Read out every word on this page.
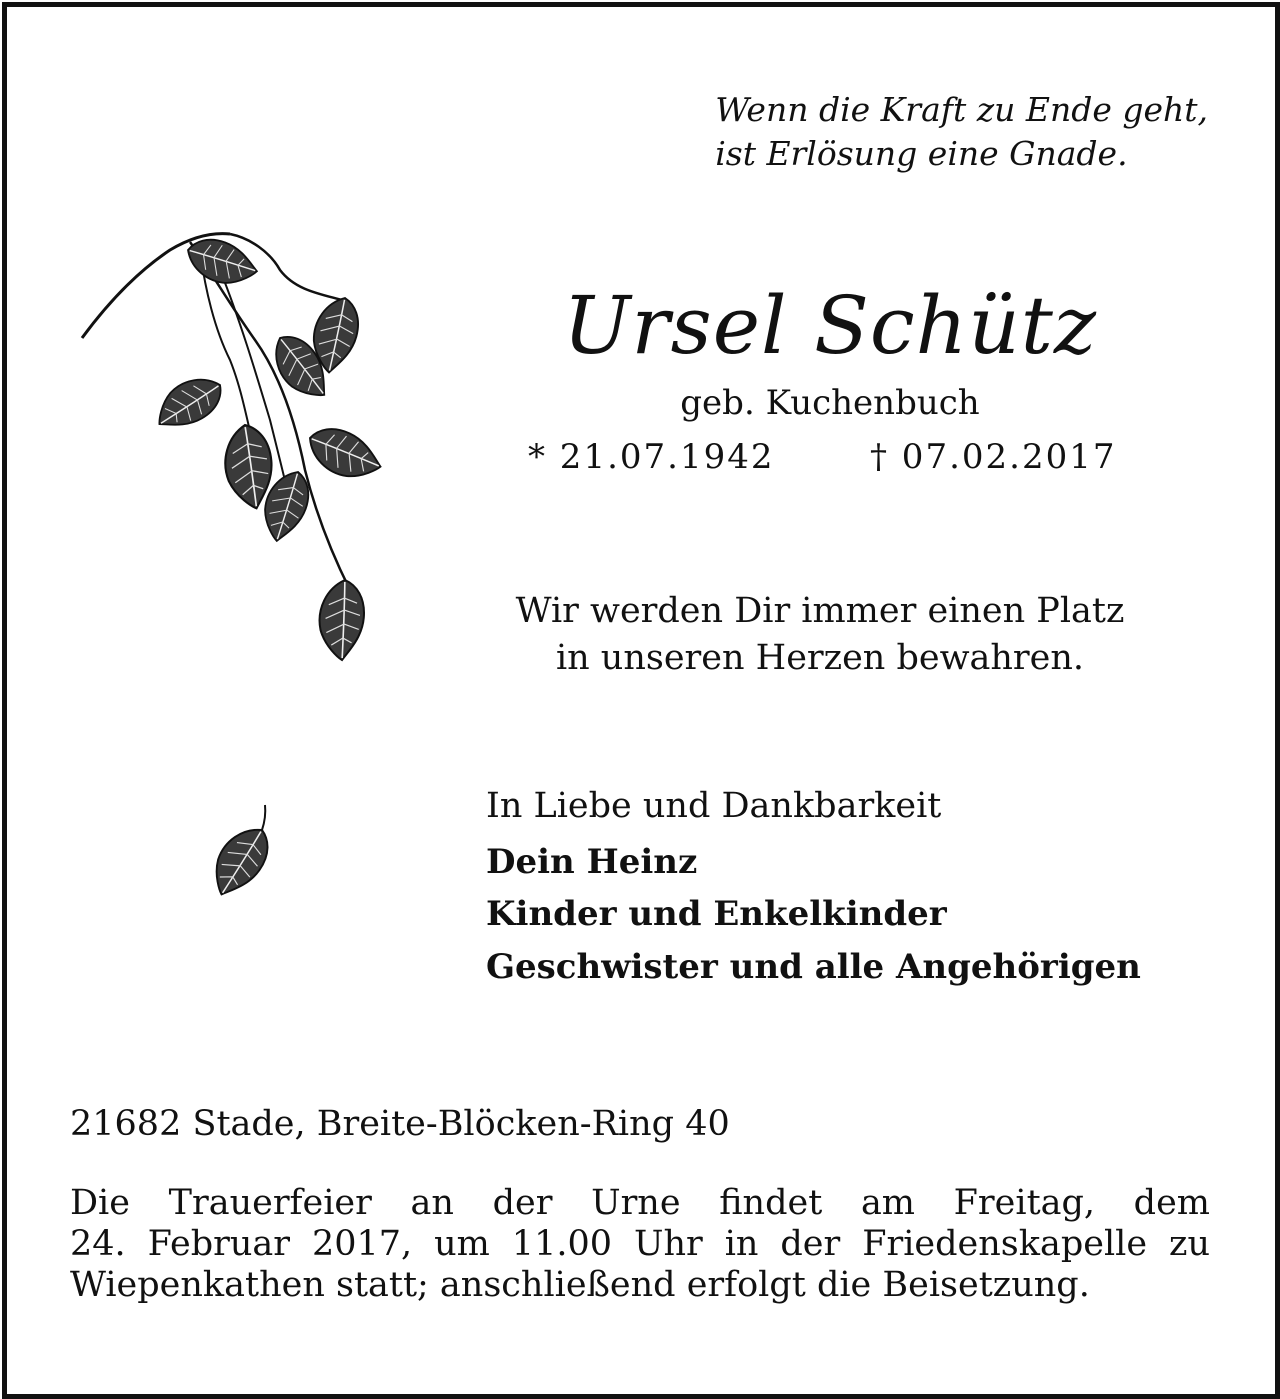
Wenn die Kraft zu Ende geht,
ist Erlösung eine Gnade.
Ursel Schütz
geb. Kuchenbuch
* 21.07.1942	† 07.02.2017
Wir werden Dir immer einen Platz
in unseren Herzen bewahren.
In Liebe und Dankbarkeit
Dein Heinz
Kinder und Enkelkinder
Geschwister und alle Angehörigen
21682 Stade, Breite-Blöcken-Ring 40
Die Trauerfeier an der Urne findet am Freitag, dem
24. Februar 2017, um 11.00 Uhr in der Friedenskapelle zu
Wiepenkathen statt; anschließend erfolgt die Beisetzung.
